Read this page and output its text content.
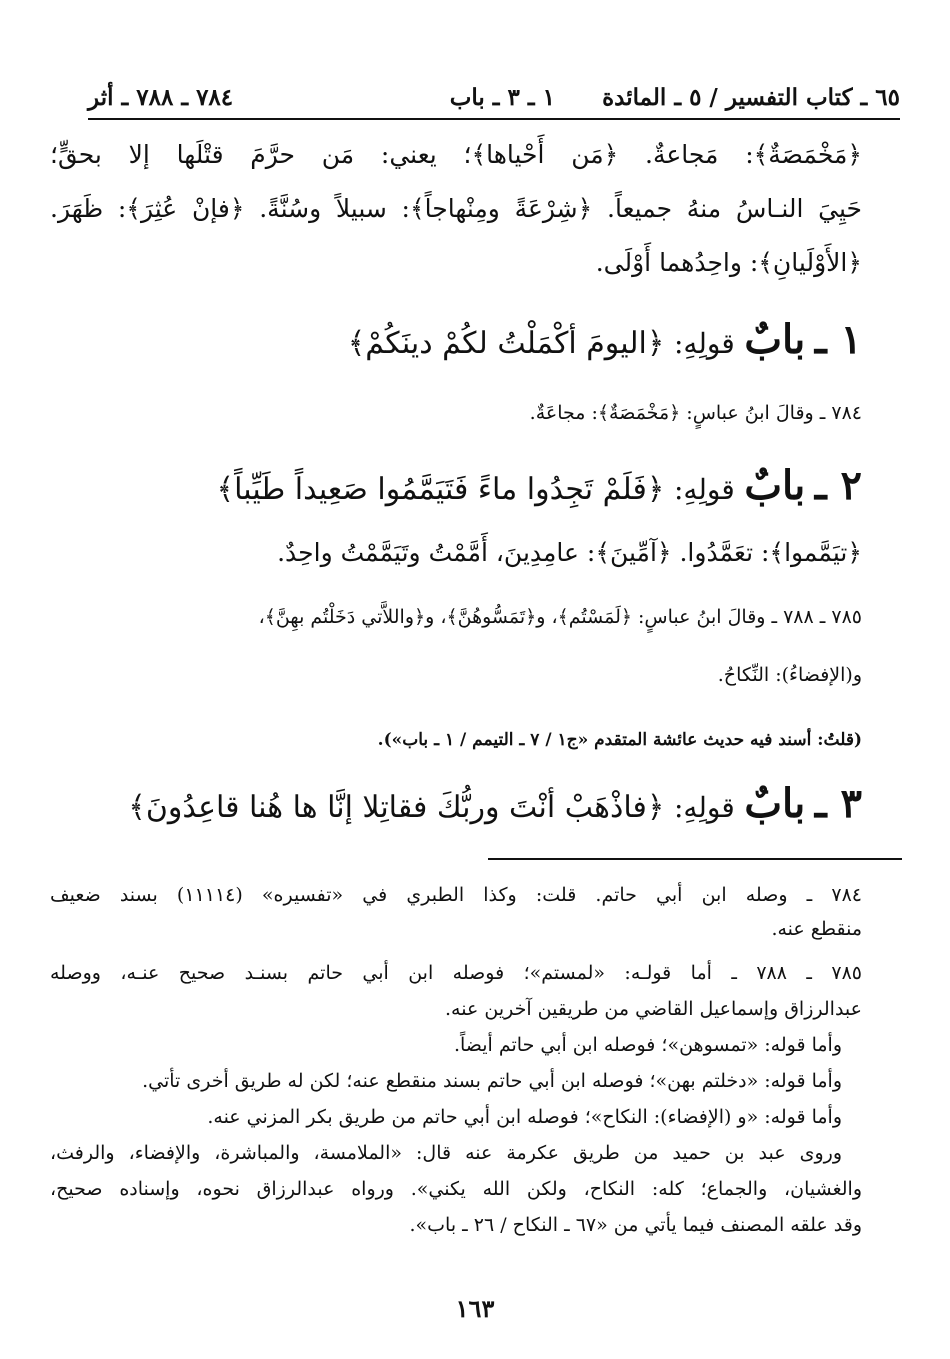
٦٥ ـ كتاب التفسير / ٥ ـ المائدة
١ ـ ٣ ـ باب
٧٨٤ ـ ٧٨٨ ـ أثر
﴿مَخْمَصَةٌ﴾: مَجاعةٌ. ﴿مَن أَحْياها﴾؛ يعني: مَن حرَّمَ قتْلَها إلا بحقٍّ؛
حَيِيَ النـاسُ منهُ جميعاً. ﴿شِرْعَةً ومِنْهاجاً﴾: سبيلاً وسُنَّةً. ﴿فإنْ عُثِرَ﴾: ظَهَرَ.
﴿الأَوْلَيانِ﴾: واحِدُهما أَوْلَى.
١ ـ بابٌ قولِهِ: ﴿اليومَ أكْمَلْتُ لكُمْ دينَكُمْ﴾
٧٨٤ ـ وقالَ ابنُ عباسٍ: ﴿مَخْمَصَةٌ﴾: مجاعَةٌ.
٢ ـ بابٌ قولِهِ: ﴿فَلَمْ تَجِدُوا ماءً فَتَيَمَّمُوا صَعِيداً طَيِّباً﴾
﴿تيَمَّموا﴾: تعَمَّدُوا. ﴿آمِّينَ﴾: عامِدِينَ، أَمَّمْتُ وتَيَمَّمْتُ واحِدٌ.
٧٨٥ ـ ٧٨٨ ـ وقالَ ابنُ عباسٍ: ﴿لَمَسْتُم﴾، و﴿تَمَسُّوهُنَّ﴾، و﴿واللاَّتي دَخَلْتُم بهِنَّ﴾،
و(الإفضاءُ): النِّكاحُ.
(قلتُ: أسند فيه حديث عائشة المتقدم «ج١ / ٧ ـ التيمم / ١ ـ باب»).
٣ ـ بابٌ قولِهِ: ﴿فاذْهَبْ أنْتَ وربُّكَ فقاتِلا إنَّا ها هُنا قاعِدُونَ﴾
٧٨٤ ـ وصله ابن أبي حاتم. قلت: وكذا الطبري في «تفسيره» (١١١١٤) بسند ضعيف
منقطع عنه.
٧٨٥ ـ ٧٨٨ ـ أما قولـه: «لمستم»؛ فوصله ابن أبي حاتم بسنـد صحيح عنـه، ووصله
عبدالرزاق وإسماعيل القاضي من طريقين آخرين عنه.
وأما قوله: «تمسوهن»؛ فوصله ابن أبي حاتم أيضاً.
وأما قوله: «دخلتم بهن»؛ فوصله ابن أبي حاتم بسند منقطع عنه؛ لكن له طريق أخرى تأتي.
وأما قوله: «و (الإفضاء): النكاح»؛ فوصله ابن أبي حاتم من طريق بكر المزني عنه.
وروى عبد بن حميد من طريق عكرمة عنه قال: «الملامسة، والمباشرة، والإفضاء، والرفث،
والغشيان، والجماع؛ كله: النكاح، ولكن الله يكني». ورواه عبدالرزاق نحوه، وإسناده صحيح،
وقد علقه المصنف فيما يأتي من «٦٧ ـ النكاح / ٢٦ ـ باب».
١٦٣
